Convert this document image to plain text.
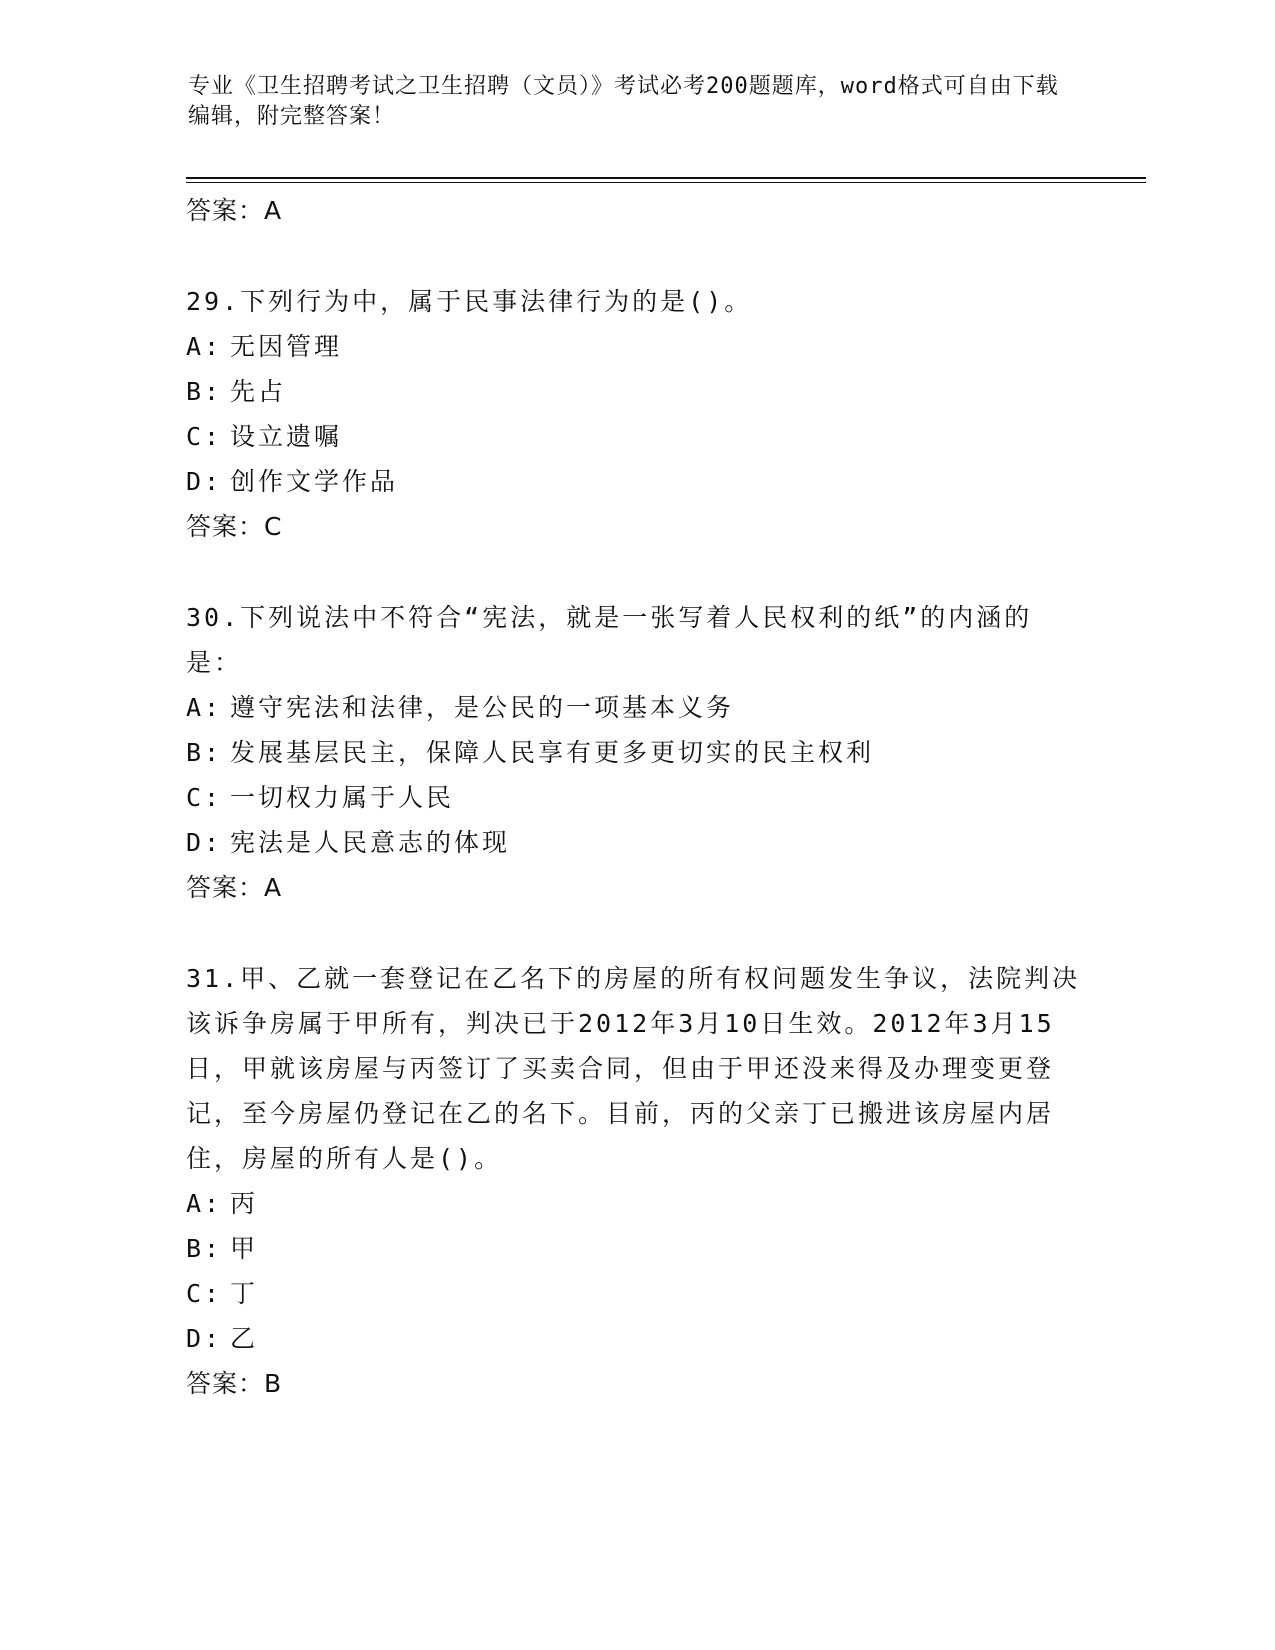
专业《卫生招聘考试之卫生招聘（文员）》考试必考200题题库，word格式可自由下载编辑，附完整答案！
答案：A
29.下列行为中，属于民事法律行为的是()。
A: 无因管理
B: 先占
C: 设立遗嘱
D: 创作文学作品
答案：C
30.下列说法中不符合“宪法，就是一张写着人民权利的纸”的内涵的是：
A: 遵守宪法和法律，是公民的一项基本义务
B: 发展基层民主，保障人民享有更多更切实的民主权利
C: 一切权力属于人民
D: 宪法是人民意志的体现
答案：A
31.甲、乙就一套登记在乙名下的房屋的所有权问题发生争议，法院判决该诉争房属于甲所有，判决已于2012年3月10日生效。2012年3月15日，甲就该房屋与丙签订了买卖合同，但由于甲还没来得及办理变更登记，至今房屋仍登记在乙的名下。目前，丙的父亲丁已搬进该房屋内居住，房屋的所有人是()。
A: 丙
B: 甲
C: 丁
D: 乙
答案：B
